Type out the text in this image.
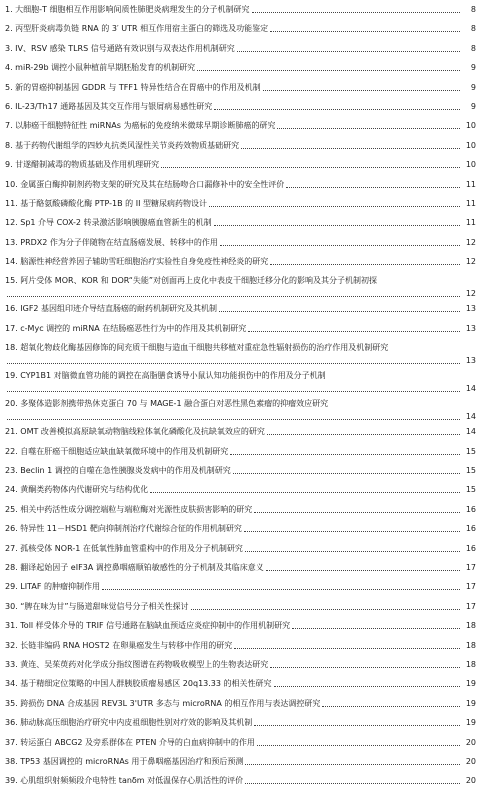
1. 大细胞-T 细胞相互作用影响间质性肺肥炎病理发生的分子机制研究	8
2. 丙型肝炎病毒负链 RNA 的 3′ UTR 相互作用宿主蛋白的筛选及功能鉴定	8
3. IV、RSV 感染 TLRS 信号通路有效识别与双表达作用机制研究	8
4. miR-29b 调控小鼠种植前早期胚胎发育的机制研究	9
5. 新的胃癌抑制基因 GDDR 与 TFF1 特异性结合在胃癌中的作用及机制	9
6. IL-23/Th17 通路基因及其交互作用与银屑病易感性研究	9
7. 以肺癌干细胞特征性 miRNAs 为癌标的免疫纳米微球早期诊断肺癌的研究	10
8. 基于药物代谢组学的四妙丸抗类风湿性关节炎药效物质基础研究	10
9. 甘遂醋制减毒的物质基础及作用机理研究	10
10. 金属蛋白酶抑制剂药物支架的研究及其在结肠吻合口漏修补中的安全性评价	11
11. 基于酪氨酸磷酸化酶 PTP-1B 的 II 型糖尿病药物设计	11
12. Sp1 介导 COX-2 转录激活影响胰腺癌血管新生的机制	11
13. PRDX2 作为分子伴随物在结直肠癌发展、转移中的作用	12
14. 脑源性神经营养因子辅助雪旺细胞治疗实验性自身免疫性神经炎的研究	12
15. 阿片受体 MOR、KOR 和 DOR“失能”对创面再上皮化中表皮干细胞迁移分化的影响及其分子机制初探
12
16. IGF2 基因组印迹介导结直肠癌的耐药机制研究及其机制	13
17. c-Myc 调控的 miRNA 在结肠癌恶性行为中的作用及其机制研究	13
18. 超氧化物歧化酶基因修饰的间充质干细胞与造血干细胞共移植对重症急性辐射损伤的治疗作用及机制研究
13
19. CYP1B1 对脑微血管功能的调控在高脂膳食诱导小鼠认知功能损伤中的作用及分子机制
14
20. 多聚体造影剂携带热休克蛋白 70 与 MAGE-1 融合蛋白对恶性黑色素瘤的抑瘤效应研究
14
21. OMT 改善模拟高原缺氧动物脑线粒体氧化磷酸化及抗缺氧效应的研究	14
22. 自噬在肝癌干细胞适应缺血缺氧微环境中的作用及机制研究	15
23. Beclin 1 调控的自噬在急性胰腺炎发病中的作用及机制研究	15
24. 黄酮类药物体内代谢研究与结构优化	15
25. 相关中药活性成分调控端粒与端粒酶对光源性皮肤损害影响的研究	16
26. 特异性 11－HSD1 靶向抑制剂治疗代谢综合征的作用机制研究	16
27. 孤核受体 NOR-1 在低氧性肺血管重构中的作用及分子机制研究	16
28. 翻译起始因子 eIF3A 调控鼻咽癌顺铂敏感性的分子机制及其临床意义	17
29. LITAF 的肿瘤抑制作用	17
30. “脾在味为甘”与肠道甜味觉信号分子相关性探讨	17
31. Toll 样受体介导的 TRIF 信号通路在脑缺血预适应炎症抑制中的作用机制研究	18
32. 长链非编码 RNA HOST2 在卵巢癌发生与转移中作用的研究	18
33. 黄连、吴茱萸药对化学成分指纹图谱在药物吸收模型上的生物表达研究	18
34. 基于精细定位策略的中国人群胰胶质瘤易感区 20q13.33 的相关性研究	19
35. 跨损伤 DNA 合成基因 REV3L 3'UTR 多态与 microRNA 的相互作用与表达调控研究	19
36. 肺动脉高压细胞治疗研究中内皮祖细胞性别对疗效的影响及其机制	19
37. 转运蛋白 ABCG2 及旁系群体在 PTEN 介导的白血病抑制中的作用	20
38. TP53 基因调控的 microRNAs 用于鼻咽癌基因治疗和预后预测	20
39. 心肌组织射频频段介电特性 tanδm 对低温保存心肌活性的评价	20
